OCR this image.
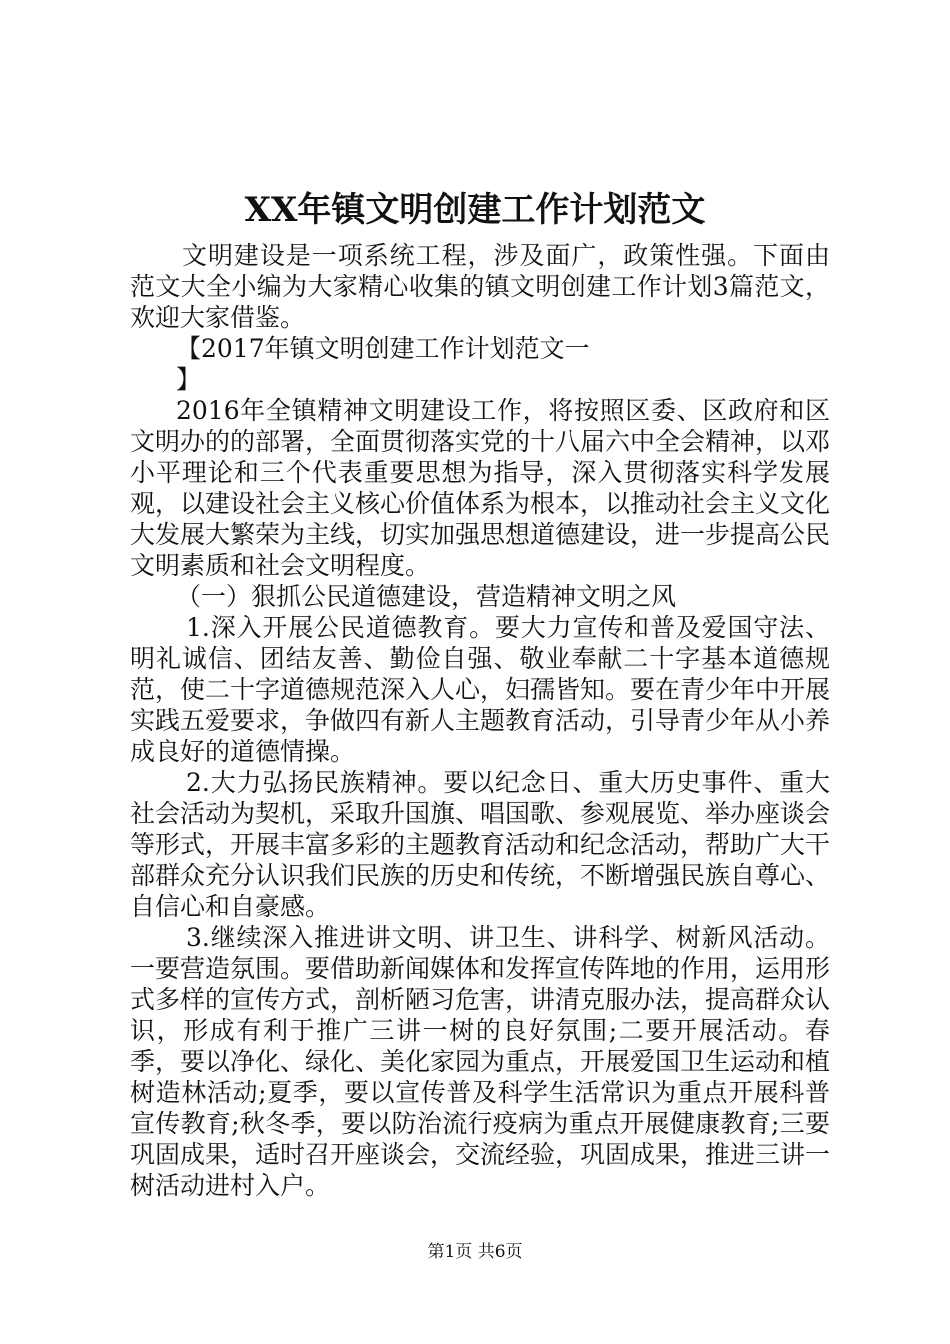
XX年镇文明创建工作计划范文

文明建设是一项系统工程，涉及面广，政策性强。下面由范文大全小编为大家精心收集的镇文明创建工作计划3篇范文，欢迎大家借鉴。

【2017年镇文明创建工作计划范文一

】

2016年全镇精神文明建设工作，将按照区委、区政府和区文明办的的部署，全面贯彻落实党的十八届六中全会精神，以邓小平理论和三个代表重要思想为指导，深入贯彻落实科学发展观，以建设社会主义核心价值体系为根本，以推动社会主义文化大发展大繁荣为主线，切实加强思想道德建设，进一步提高公民文明素质和社会文明程度。

（一）狠抓公民道德建设，营造精神文明之风

1.深入开展公民道德教育。要大力宣传和普及爱国守法、明礼诚信、团结友善、勤俭自强、敬业奉献二十字基本道德规范，使二十字道德规范深入人心，妇孺皆知。要在青少年中开展实践五爱要求，争做四有新人主题教育活动，引导青少年从小养成良好的道德情操。

2.大力弘扬民族精神。要以纪念日、重大历史事件、重大社会活动为契机，采取升国旗、唱国歌、参观展览、举办座谈会等形式，开展丰富多彩的主题教育活动和纪念活动，帮助广大干部群众充分认识我们民族的历史和传统，不断增强民族自尊心、自信心和自豪感。

3.继续深入推进讲文明、讲卫生、讲科学、树新风活动。一要营造氛围。要借助新闻媒体和发挥宣传阵地的作用，运用形式多样的宣传方式，剖析陋习危害，讲清克服办法，提高群众认识，形成有利于推广三讲一树的良好氛围;二要开展活动。春季，要以净化、绿化、美化家园为重点，开展爱国卫生运动和植树造林活动;夏季，要以宣传普及科学生活常识为重点开展科普宣传教育;秋冬季，要以防治流行疫病为重点开展健康教育;三要巩固成果，适时召开座谈会，交流经验，巩固成果，推进三讲一树活动进村入户。

第1页 共6页
